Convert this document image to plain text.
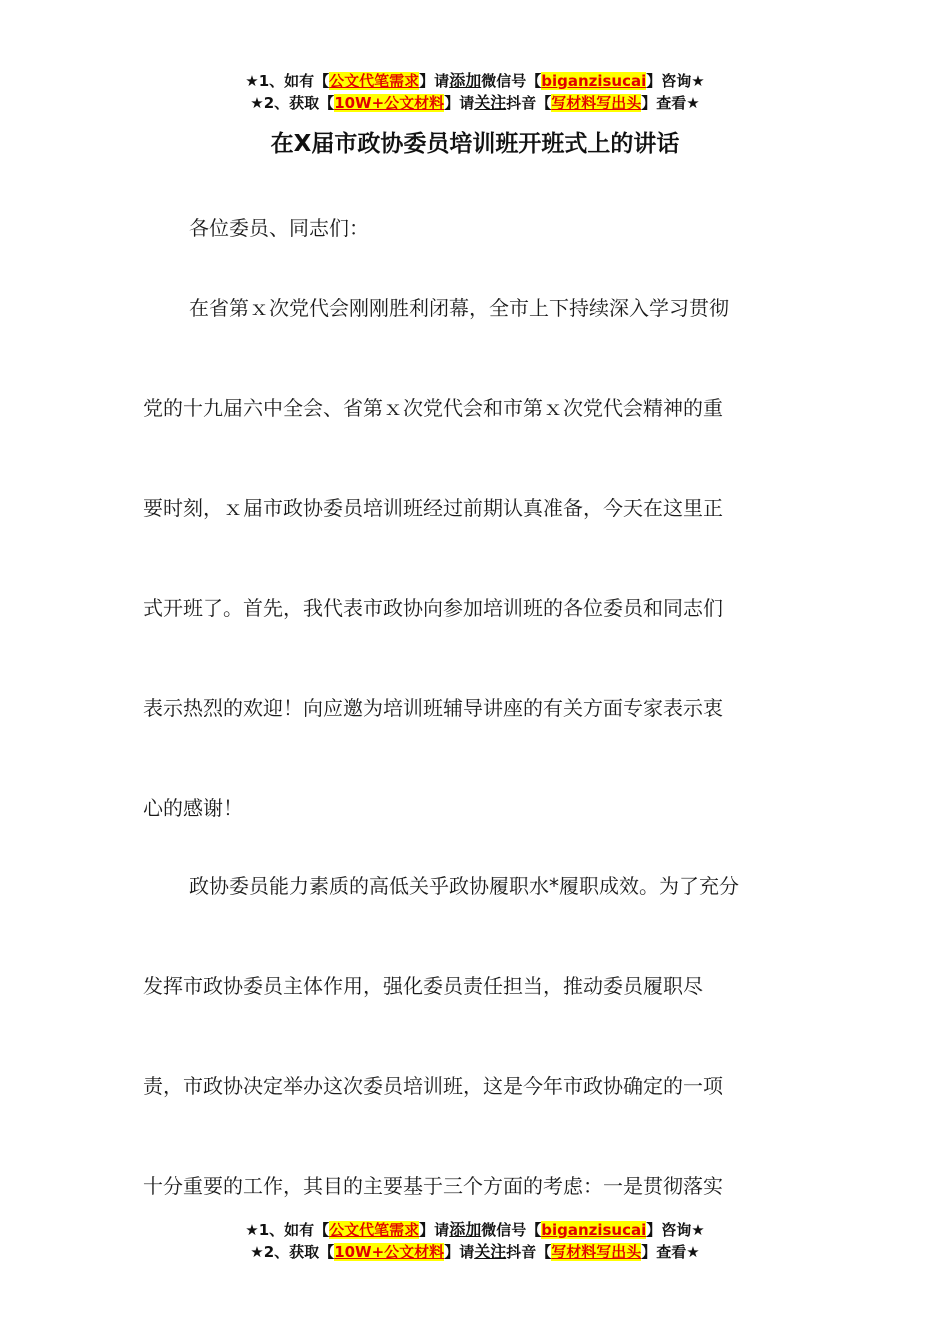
★1、如有【公文代笔需求】请添加微信号【biganzisucai】咨询★
★2、获取【10W+公文材料】请关注抖音【写材料写出头】查看★
在X届市政协委员培训班开班式上的讲话
各位委员、同志们：
在省第ｘ次党代会刚刚胜利闭幕，全市上下持续深入学习贯彻
党的十九届六中全会、省第ｘ次党代会和市第ｘ次党代会精神的重
要时刻，ｘ届市政协委员培训班经过前期认真准备，今天在这里正
式开班了。首先，我代表市政协向参加培训班的各位委员和同志们
表示热烈的欢迎！向应邀为培训班辅导讲座的有关方面专家表示衷
心的感谢！
政协委员能力素质的高低关乎政协履职水*履职成效。为了充分
发挥市政协委员主体作用，强化委员责任担当，推动委员履职尽
责，市政协决定举办这次委员培训班，这是今年市政协确定的一项
十分重要的工作，其目的主要基于三个方面的考虑：一是贯彻落实
★1、如有【公文代笔需求】请添加微信号【biganzisucai】咨询★
★2、获取【10W+公文材料】请关注抖音【写材料写出头】查看★
